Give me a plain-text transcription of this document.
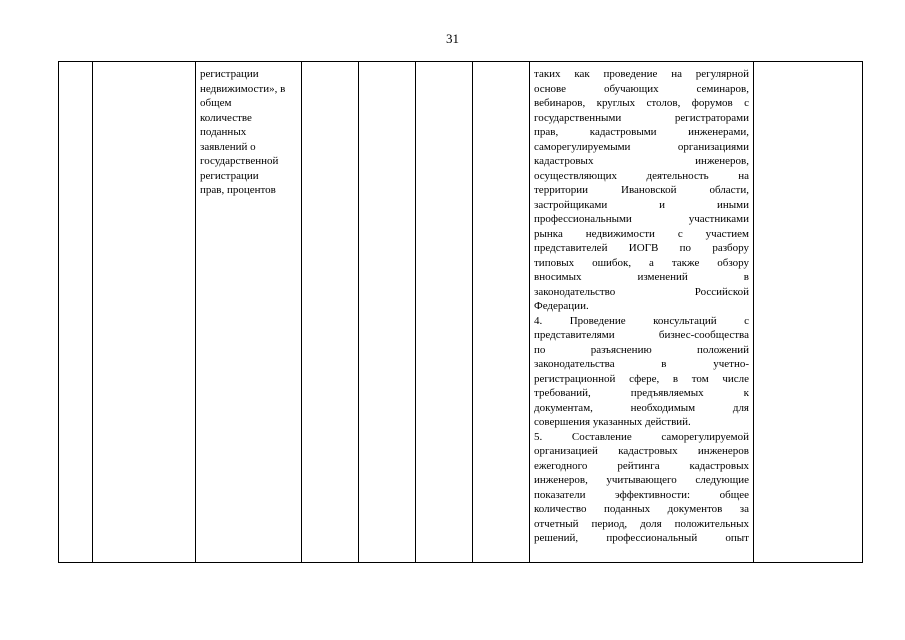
31

регистрации
недвижимости», в
общем
количестве
поданных
заявлений о
государственной
регистрации
прав, процентов

таких как проведение на регулярной
основе обучающих семинаров,
вебинаров, круглых столов, форумов с
государственными регистраторами
прав, кадастровыми инженерами,
саморегулируемыми организациями
кадастровых инженеров,
осуществляющих деятельность на
территории Ивановской области,
застройщиками и иными
профессиональными участниками
рынка недвижимости с участием
представителей ИОГВ по разбору
типовых ошибок, а также обзору
вносимых изменений в
законодательство Российской
Федерации.
4. Проведение консультаций с
представителями бизнес-сообщества
по разъяснению положений
законодательства в учетно-
регистрационной сфере, в том числе
требований, предъявляемых к
документам, необходимым для
совершения указанных действий.
5. Составление саморегулируемой
организацией кадастровых инженеров
ежегодного рейтинга кадастровых
инженеров, учитывающего следующие
показатели эффективности: общее
количество поданных документов за
отчетный период, доля положительных
решений, профессиональный опыт
